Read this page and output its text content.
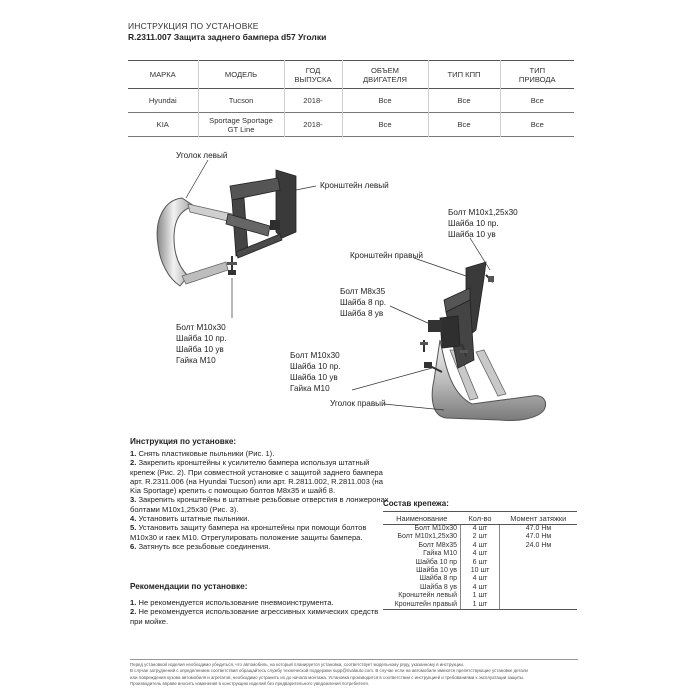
ИНСТРУКЦИЯ ПО УСТАНОВКЕ
R.2311.007 Защита заднего бампера d57 Уголки
МАРКА	МОДЕЛЬ	ГОД ВЫПУСКА	ОБЪЕМ ДВИГАТЕЛЯ	ТИП КПП	ТИП ПРИВОДА
Hyundai	Tucson	2018-	Все	Все	Все
KIA	Sportage Sportage GT Line	2018-	Все	Все	Все
Уголок левый
Кронштейн левый
Болт М10х30
Шайба 10 пр.
Шайба 10 ув
Гайка М10
Болт М10х1,25х30
Шайба 10 пр.
Шайба 10 ув
Кронштейн правый
Болт М8х35
Шайба 8 пр.
Шайба 8 ув
Болт М10х30
Шайба 10 пр.
Шайба 10 ув
Гайка М10
Уголок правый
Инструкция по установке:

1. Снять пластиковые пыльники (Рис. 1).

2. Закрепить кронштейны к усилителю бампера используя штатный крепеж (Рис. 2). При совместной установке с защитой заднего бампера арт. R.2311.006 (на Hyundai Tucson) или арт. R.2811.002, R.2811.003 (на Kia Sportage) крепить с помощью болтов М8х35 и шайб 8.

3. Закрепить кронштейны в штатные резьбовые отверстия в лонжеронах болтами М10х1,25х30 (Рис. 3).

4. Установить штатные пыльники.

5. Установить защиту бампера на кронштейны при помощи болтов М10х30 и гаек М10. Отрегулировать положение защиты бампера.

6. Затянуть все резьбовые соединения.

Рекомендации по установке:

1. Не рекомендуется использование пневмоинструмента.

2. Не рекомендуется использование агрессивных химических средств при мойке.

Состав крепежа:
Наименование	Кол-во	Момент затяжки
Болт М10х30	4 шт	47.0 Нм
Болт М10х1,25х30	2 шт	47.0 Нм
Болт М8х35	4 шт	24.0 Нм
Гайка М10	4 шт	
Шайба 10 пр	6 шт	
Шайба 10 ув	10 шт	
Шайба 8 пр	4 шт	
Шайба 8 ув	4 шт	
Кронштейн левый	1 шт	
Кронштейн правый	1 шт	

Перед установкой изделия необходимо убедиться, что автомобиль, на который планируется установка, соответствует модельному ряду, указанному в инструкции.

В случае затруднений с определением соответствия обращайтесь службу технической поддержки supp@rivalauto.com. В случае если на автомобиле имеются препятствующие установке детали

или повреждения кузова автомобиля и агрегатов, необходимо устранить их до начала монтажа. Установка производится в соответствии с инструкцией и требованиями к эксплуатации защиты.

Производитель вправе вносить изменения в конструкцию изделий без предварительного уведомления потребителя.
